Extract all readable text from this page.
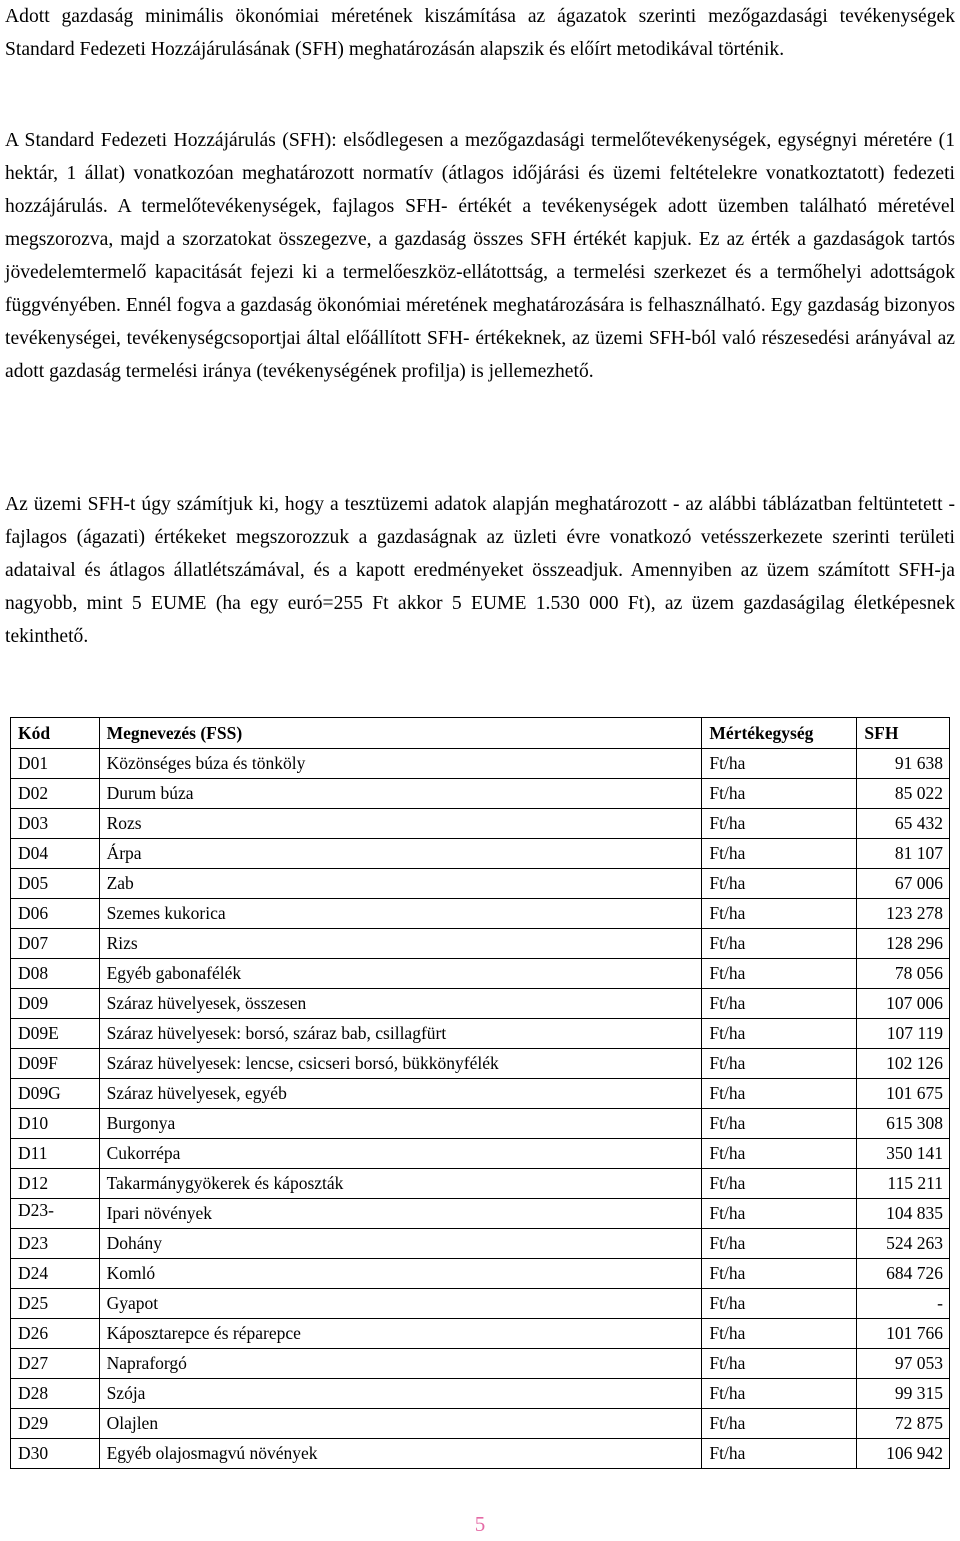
Adott gazdaság minimális ökonómiai méretének kiszámítása az ágazatok szerinti mezőgazdasági tevékenységek Standard Fedezeti Hozzájárulásának (SFH) meghatározásán alapszik és előírt metodikával történik.

A Standard Fedezeti Hozzájárulás (SFH): elsődlegesen a mezőgazdasági termelőtevékenységek, egységnyi méretére (1 hektár, 1 állat) vonatkozóan meghatározott normatív (átlagos időjárási és üzemi feltételekre vonatkoztatott) fedezeti hozzájárulás. A termelőtevékenységek, fajlagos SFH- értékét a tevékenységek adott üzemben található méretével megszorozva, majd a szorzatokat összegezve, a gazdaság összes SFH értékét kapjuk. Ez az érték a gazdaságok tartós jövedelemtermelő kapacitását fejezi ki a termelőeszköz-ellátottság, a termelési szerkezet és a termőhelyi adottságok függvényében. Ennél fogva a gazdaság ökonómiai méretének meghatározására is felhasználható. Egy gazdaság bizonyos tevékenységei, tevékenységcsoportjai által előállított SFH- értékeknek, az üzemi SFH-ból való részesedési arányával az adott gazdaság termelési iránya (tevékenységének profilja) is jellemezhető.

Az üzemi SFH-t úgy számítjuk ki, hogy a tesztüzemi adatok alapján meghatározott - az alábbi táblázatban feltüntetett - fajlagos (ágazati) értékeket megszorozzuk a gazdaságnak az üzleti évre vonatkozó vetésszerkezete szerinti területi adataival és átlagos állatlétszámával, és a kapott eredményeket összeadjuk. Amennyiben az üzem számított SFH-ja nagyobb, mint 5 EUME (ha egy euró=255 Ft akkor 5 EUME 1.530 000 Ft), az üzem gazdaságilag életképesnek tekinthető.

Kód	Megnevezés (FSS)	Mértékegység	SFH
D01	Közönséges búza és tönköly	Ft/ha	91 638
D02	Durum búza	Ft/ha	85 022
D03	Rozs	Ft/ha	65 432
D04	Árpa	Ft/ha	81 107
D05	Zab	Ft/ha	67 006
D06	Szemes kukorica	Ft/ha	123 278
D07	Rizs	Ft/ha	128 296
D08	Egyéb gabonafélék	Ft/ha	78 056
D09	Száraz hüvelyesek, összesen	Ft/ha	107 006
D09E	Száraz hüvelyesek: borsó, száraz bab, csillagfürt	Ft/ha	107 119
D09F	Száraz hüvelyesek: lencse, csicseri borsó, bükkönyfélék	Ft/ha	102 126
D09G	Száraz hüvelyesek, egyéb	Ft/ha	101 675
D10	Burgonya	Ft/ha	615 308
D11	Cukorrépa	Ft/ha	350 141
D12	Takarmánygyökerek és káposzták	Ft/ha	115 211
D23-	Ipari növények	Ft/ha	104 835
D23	Dohány	Ft/ha	524 263
D24	Komló	Ft/ha	684 726
D25	Gyapot	Ft/ha	-
D26	Káposztarepce és réparepce	Ft/ha	101 766
D27	Napraforgó	Ft/ha	97 053
D28	Szója	Ft/ha	99 315
D29	Olajlen	Ft/ha	72 875
D30	Egyéb olajosmagvú növények	Ft/ha	106 942
5
